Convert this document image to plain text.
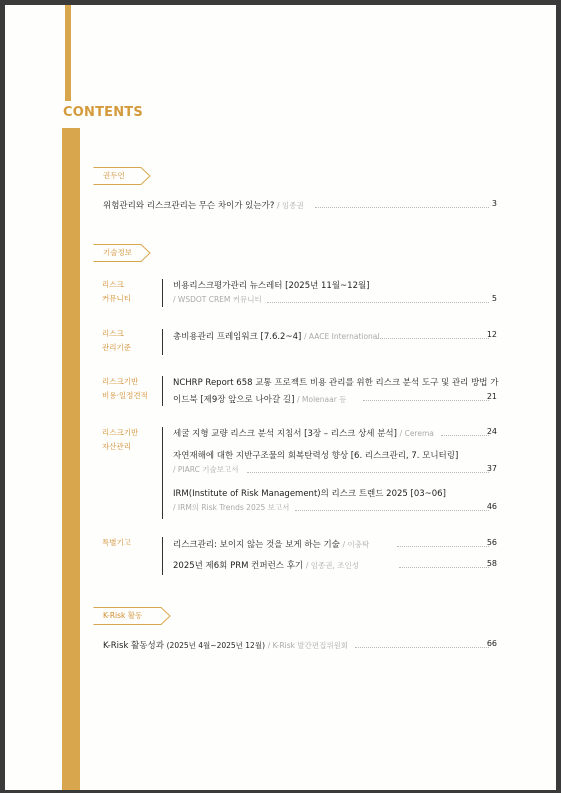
CONTENTS
권두언
위험관리와 리스크관리는 무슨 차이가 있는가? / 임종권	3
기술정보
리스크
커뮤니티
비용리스크평가관리 뉴스레터 [2025년 11월~12월]
/ WSDOT CREM 커뮤니티	5
리스크
관리기준
총비용관리 프레임워크 [7.6.2~4] / AACE International	12
리스크기반
비용·일정견적
NCHRP Report 658 교통 프로젝트 비용 관리를 위한 리스크 분석 도구 및 관리 방법 가
이드북 [제9장 앞으로 나아갈 길] / Molenaar 등	21
리스크기반
자산관리
세굴 지형 교량 리스크 분석 지침서 [3장 – 리스크 상세 분석] / Cerema	24
자연재해에 대한 지반구조물의 회복탄력성 향상 [6. 리스크관리, 7. 모니터링]
/ PIARC 기술보고서	37
IRM(Institute of Risk Management)의 리스크 트렌드 2025 [03~06]
/ IRM의 Risk Trends 2025 보고서	46
특별기고	리스크관리: 보이지 않는 것을 보게 하는 기술 / 이충탁	56
2025년 제6회 PRM 컨퍼런스 후기 / 임종권, 조인성	58
K-Risk 활동
K-Risk 활동성과 (2025년 4월~2025년 12월) / K-Risk 발간편집위원회	66
